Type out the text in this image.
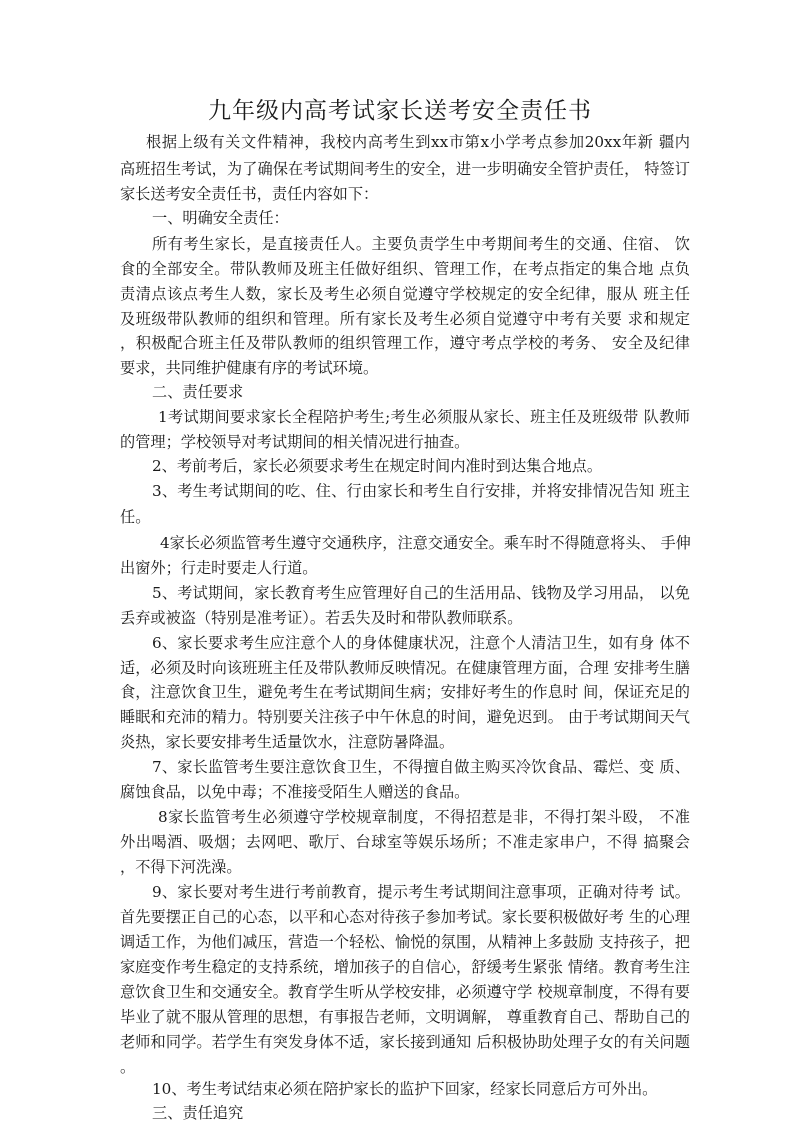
九年级内高考试家长送考安全责任书
根据上级有关文件精神，我校内高考生到xx市第x小学考点参加20xx年新 疆内
高班招生考试，为了确保在考试期间考生的安全，进一步明确安全管护责任， 特签订
家长送考安全责任书，责任内容如下：
一、明确安全责任：
所有考生家长，是直接责任人。主要负责学生中考期间考生的交通、住宿、 饮
食的全部安全。带队教师及班主任做好组织、管理工作，在考点指定的集合地 点负
责清点该点考生人数，家长及考生必须自觉遵守学校规定的安全纪律，服从 班主任
及班级带队教师的组织和管理。所有家长及考生必须自觉遵守中考有关要 求和规定
，积极配合班主任及带队教师的组织管理工作，遵守考点学校的考务、 安全及纪律
要求，共同维护健康有序的考试环境。
二、责任要求
1考试期间要求家长全程陪护考生;考生必须服从家长、班主任及班级带 队教师
的管理；学校领导对考试期间的相关情况进行抽查。
2、考前考后，家长必须要求考生在规定时间内准时到达集合地点。
3、考生考试期间的吃、住、行由家长和考生自行安排，并将安排情况告知 班主
任。
4家长必须监管考生遵守交通秩序，注意交通安全。乘车时不得随意将头、 手伸
出窗外；行走时要走人行道。
5、考试期间，家长教育考生应管理好自己的生活用品、钱物及学习用品， 以免
丢弃或被盗（特别是准考证）。若丢失及时和带队教师联系。
6、家长要求考生应注意个人的身体健康状况，注意个人清洁卫生，如有身 体不
适，必须及时向该班班主任及带队教师反映情况。在健康管理方面，合理 安排考生膳
食，注意饮食卫生，避免考生在考试期间生病；安排好考生的作息时 间，保证充足的
睡眠和充沛的精力。特别要关注孩子中午休息的时间，避免迟到。 由于考试期间天气
炎热，家长要安排考生适量饮水，注意防暑降温。
7、家长监管考生要注意饮食卫生，不得擅自做主购买冷饮食品、霉烂、变 质、
腐蚀食品，以免中毒；不准接受陌生人赠送的食品。
8家长监管考生必须遵守学校规章制度，不得招惹是非，不得打架斗殴， 不准
外出喝酒、吸烟；去网吧、歌厅、台球室等娱乐场所；不准走家串户，不得 搞聚会
，不得下河洗澡。
9、家长要对考生进行考前教育，提示考生考试期间注意事项，正确对待考 试。
首先要摆正自己的心态，以平和心态对待孩子参加考试。家长要积极做好考 生的心理
调适工作，为他们减压，营造一个轻松、愉悦的氛围，从精神上多鼓励 支持孩子，把
家庭变作考生稳定的支持系统，增加孩子的自信心，舒缓考生紧张 情绪。教育考生注
意饮食卫生和交通安全。教育学生听从学校安排，必须遵守学 校规章制度，不得有要
毕业了就不服从管理的思想，有事报告老师，文明调解， 尊重教育自己、帮助自己的
老师和同学。若学生有突发身体不适，家长接到通知 后积极协助处理子女的有关问题
。
10、考生考试结束必须在陪护家长的监护下回家，经家长同意后方可外出。
三、责任追究
